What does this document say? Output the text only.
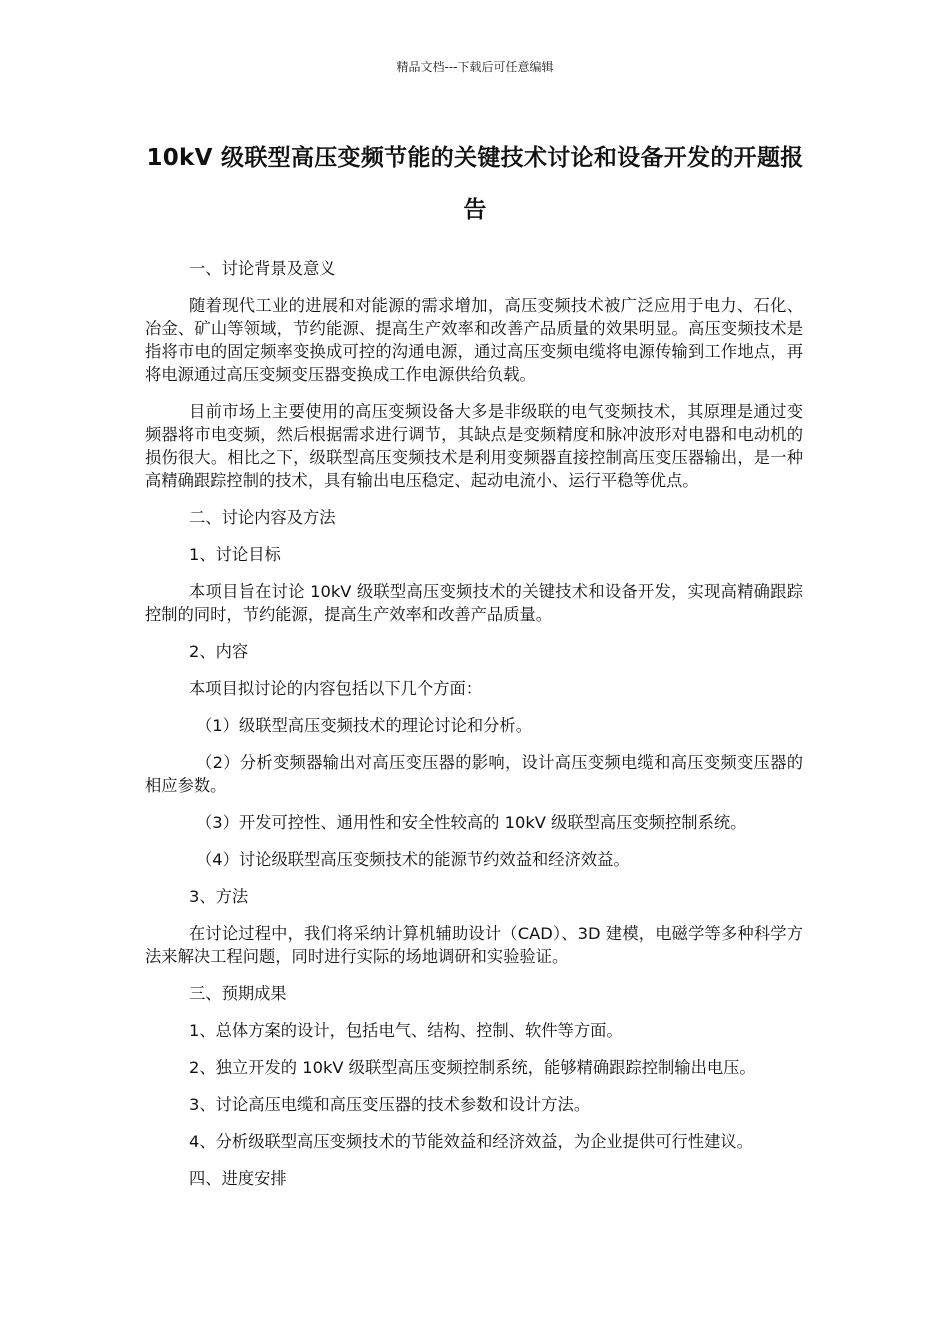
精品文档---下载后可任意编辑
10kV 级联型高压变频节能的关键技术讨论和设备开发的开题报告

一、讨论背景及意义

随着现代工业的进展和对能源的需求增加，高压变频技术被广泛应用于电力、石化、冶金、矿山等领域，节约能源、提高生产效率和改善产品质量的效果明显。高压变频技术是指将市电的固定频率变换成可控的沟通电源，通过高压变频电缆将电源传输到工作地点，再将电源通过高压变频变压器变换成工作电源供给负载。

目前市场上主要使用的高压变频设备大多是非级联的电气变频技术，其原理是通过变频器将市电变频，然后根据需求进行调节，其缺点是变频精度和脉冲波形对电器和电动机的损伤很大。相比之下，级联型高压变频技术是利用变频器直接控制高压变压器输出，是一种高精确跟踪控制的技术，具有输出电压稳定、起动电流小、运行平稳等优点。

二、讨论内容及方法

1、讨论目标

本项目旨在讨论 10kV 级联型高压变频技术的关键技术和设备开发，实现高精确跟踪控制的同时，节约能源，提高生产效率和改善产品质量。

2、内容

本项目拟讨论的内容包括以下几个方面：

（1）级联型高压变频技术的理论讨论和分析。

（2）分析变频器输出对高压变压器的影响，设计高压变频电缆和高压变频变压器的相应参数。

（3）开发可控性、通用性和安全性较高的 10kV 级联型高压变频控制系统。

（4）讨论级联型高压变频技术的能源节约效益和经济效益。

3、方法

在讨论过程中，我们将采纳计算机辅助设计（CAD）、3D 建模，电磁学等多种科学方法来解决工程问题，同时进行实际的场地调研和实验验证。

三、预期成果

1、总体方案的设计，包括电气、结构、控制、软件等方面。

2、独立开发的 10kV 级联型高压变频控制系统，能够精确跟踪控制输出电压。

3、讨论高压电缆和高压变压器的技术参数和设计方法。

4、分析级联型高压变频技术的节能效益和经济效益，为企业提供可行性建议。

四、进度安排
